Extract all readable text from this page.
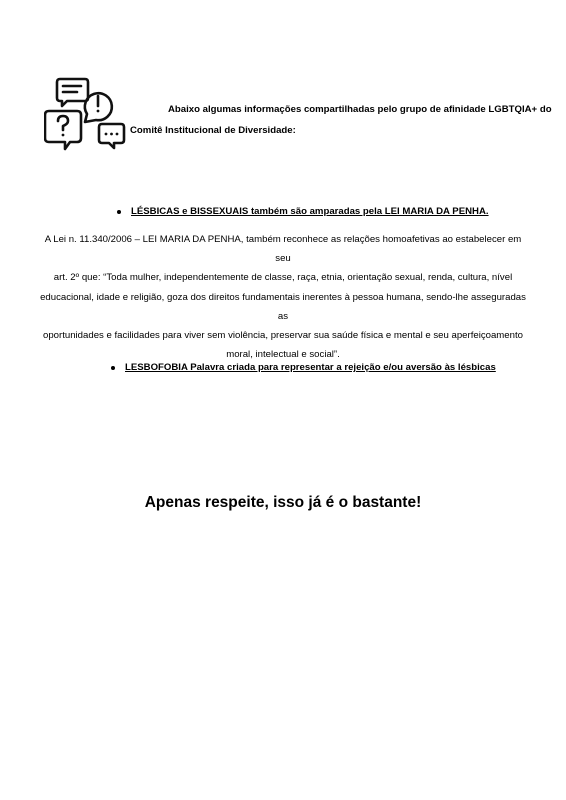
Abaixo algumas informações compartilhadas pelo grupo de afinidade LGBTQIA+ do
Comitê Institucional de Diversidade:
LÉSBICAS e BISSEXUAIS também são amparadas pela LEI MARIA DA PENHA.
A Lei n. 11.340/2006 – LEI MARIA DA PENHA, também reconhece as relações homoafetivas ao estabelecer em seu
art. 2º que: “Toda mulher, independentemente de classe, raça, etnia, orientação sexual, renda, cultura, nível
educacional, idade e religião, goza dos direitos fundamentais inerentes à pessoa humana, sendo-lhe asseguradas as
oportunidades e facilidades para viver sem violência, preservar sua saúde física e mental e seu aperfeiçoamento
moral, intelectual e social”.
LESBOFOBIA Palavra criada para representar a rejeição e/ou aversão às lésbicas
Apenas respeite, isso já é o bastante!
